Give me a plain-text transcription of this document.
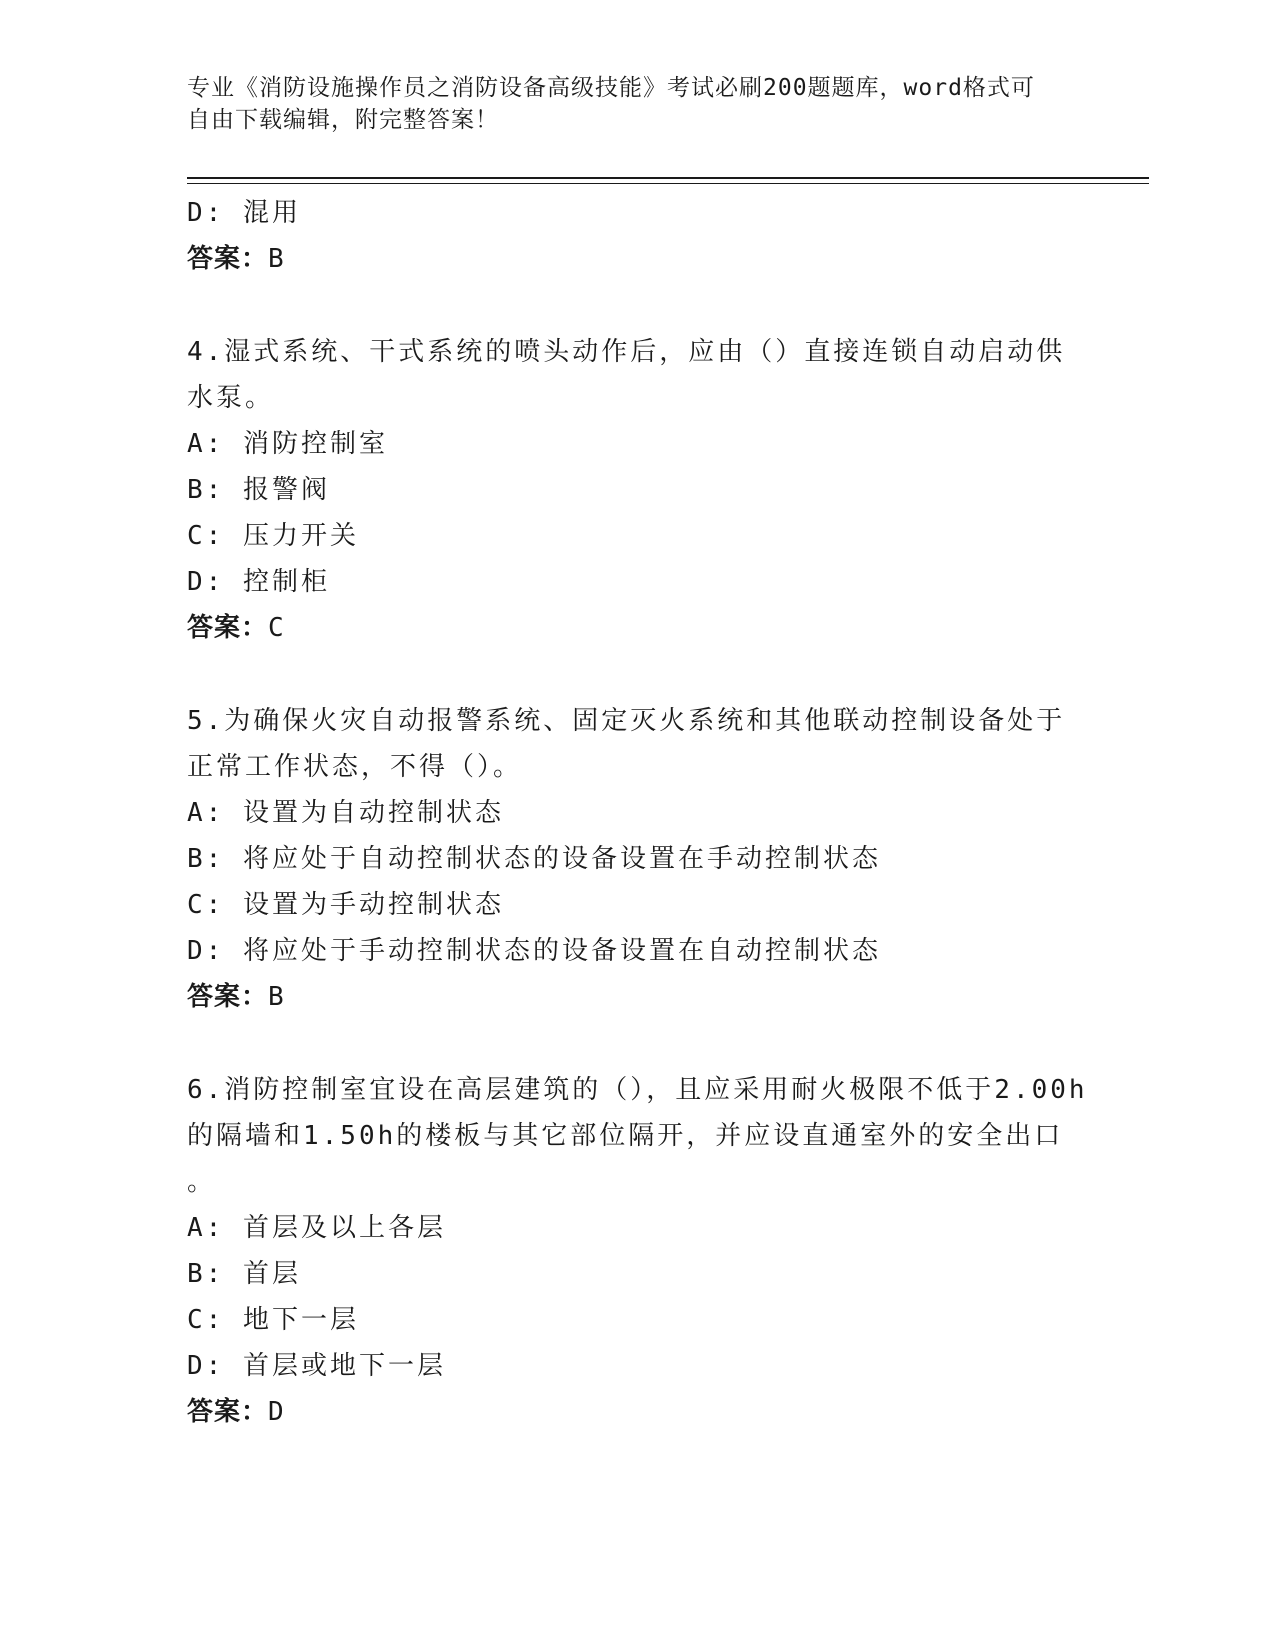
专业《消防设施操作员之消防设备高级技能》考试必刷200题题库，word格式可
自由下载编辑，附完整答案！
D: 混用
答案：B
4.湿式系统、干式系统的喷头动作后，应由（）直接连锁自动启动供
水泵。
A: 消防控制室
B: 报警阀
C: 压力开关
D: 控制柜
答案：C
5.为确保火灾自动报警系统、固定灭火系统和其他联动控制设备处于
正常工作状态，不得（）。
A: 设置为自动控制状态
B: 将应处于自动控制状态的设备设置在手动控制状态
C: 设置为手动控制状态
D: 将应处于手动控制状态的设备设置在自动控制状态
答案：B
6.消防控制室宜设在高层建筑的（），且应采用耐火极限不低于2.00h
的隔墙和1.50h的楼板与其它部位隔开，并应设直通室外的安全出口
。
A: 首层及以上各层
B: 首层
C: 地下一层
D: 首层或地下一层
答案：D
